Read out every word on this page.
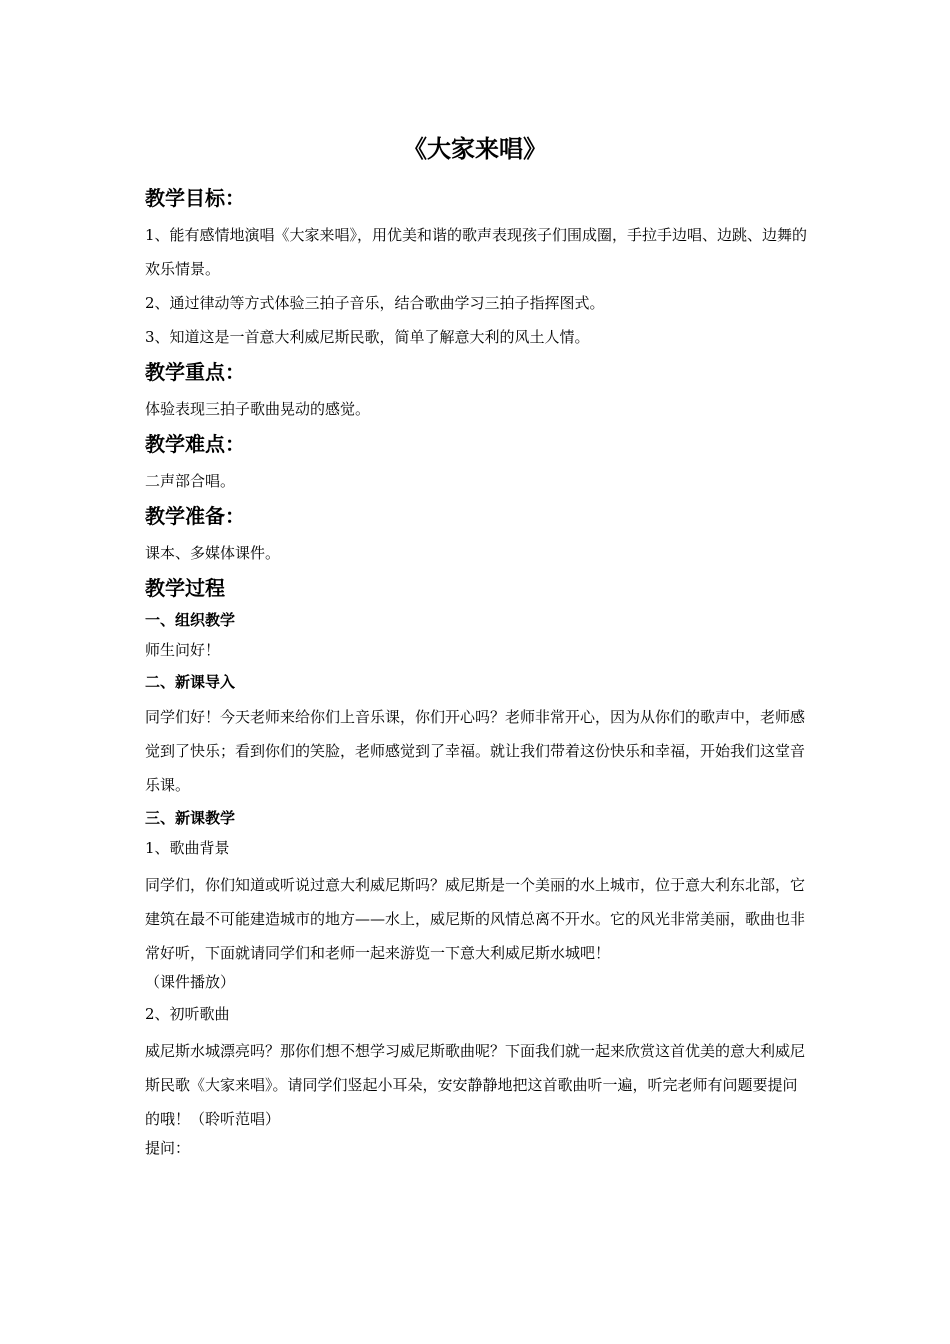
《大家来唱》
教学目标：

1、能有感情地演唱《大家来唱》，用优美和谐的歌声表现孩子们围成圈，手拉手边唱、边跳、边舞的欢乐情景。

2、通过律动等方式体验三拍子音乐，结合歌曲学习三拍子指挥图式。

3、知道这是一首意大利威尼斯民歌，简单了解意大利的风土人情。

教学重点：

体验表现三拍子歌曲晃动的感觉。

教学难点：

二声部合唱。

教学准备：

课本、多媒体课件。

教学过程
一、组织教学

师生问好！

二、新课导入

同学们好！今天老师来给你们上音乐课，你们开心吗？老师非常开心，因为从你们的歌声中，老师感觉到了快乐；看到你们的笑脸，老师感觉到了幸福。就让我们带着这份快乐和幸福，开始我们这堂音乐课。

三、新课教学

1、歌曲背景

同学们，你们知道或听说过意大利威尼斯吗？威尼斯是一个美丽的水上城市，位于意大利东北部，它建筑在最不可能建造城市的地方——水上，威尼斯的风情总离不开水。它的风光非常美丽，歌曲也非常好听，下面就请同学们和老师一起来游览一下意大利威尼斯水城吧！

（课件播放）

2、初听歌曲

威尼斯水城漂亮吗？那你们想不想学习威尼斯歌曲呢？下面我们就一起来欣赏这首优美的意大利威尼斯民歌《大家来唱》。请同学们竖起小耳朵，安安静静地把这首歌曲听一遍，听完老师有问题要提问的哦！（聆听范唱）

提问：
